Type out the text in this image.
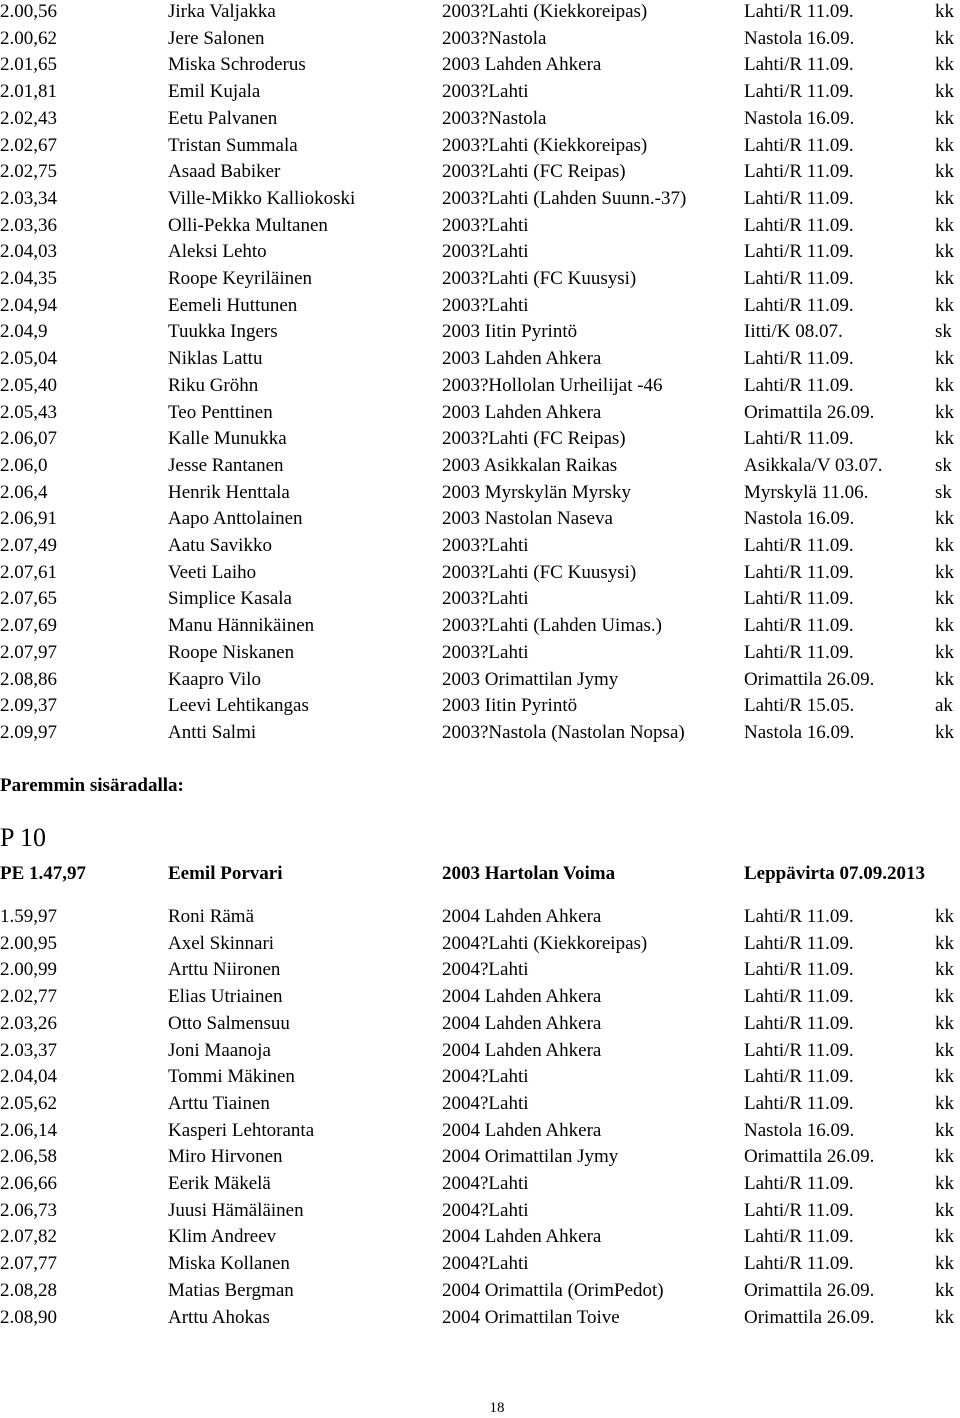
2.00,56	Jirka Valjakka	2003?Lahti (Kiekkoreipas)	Lahti/R 11.09.	kk
2.00,62	Jere Salonen	2003?Nastola	Nastola 16.09.	kk
2.01,65	Miska Schroderus	2003 Lahden Ahkera	Lahti/R 11.09.	kk
2.01,81	Emil Kujala	2003?Lahti	Lahti/R 11.09.	kk
2.02,43	Eetu Palvanen	2003?Nastola	Nastola 16.09.	kk
2.02,67	Tristan Summala	2003?Lahti (Kiekkoreipas)	Lahti/R 11.09.	kk
2.02,75	Asaad Babiker	2003?Lahti (FC Reipas)	Lahti/R 11.09.	kk
2.03,34	Ville-Mikko Kalliokoski	2003?Lahti (Lahden Suunn.-37)	Lahti/R 11.09.	kk
2.03,36	Olli-Pekka Multanen	2003?Lahti	Lahti/R 11.09.	kk
2.04,03	Aleksi Lehto	2003?Lahti	Lahti/R 11.09.	kk
2.04,35	Roope Keyriläinen	2003?Lahti (FC Kuusysi)	Lahti/R 11.09.	kk
2.04,94	Eemeli Huttunen	2003?Lahti	Lahti/R 11.09.	kk
2.04,9	Tuukka Ingers	2003 Iitin Pyrintö	Iitti/K 08.07.	sk
2.05,04	Niklas Lattu	2003 Lahden Ahkera	Lahti/R 11.09.	kk
2.05,40	Riku Gröhn	2003?Hollolan Urheilijat -46	Lahti/R 11.09.	kk
2.05,43	Teo Penttinen	2003 Lahden Ahkera	Orimattila 26.09.	kk
2.06,07	Kalle Munukka	2003?Lahti (FC Reipas)	Lahti/R 11.09.	kk
2.06,0	Jesse Rantanen	2003 Asikkalan Raikas	Asikkala/V 03.07.	sk
2.06,4	Henrik Henttala	2003 Myrskylän Myrsky	Myrskylä 11.06.	sk
2.06,91	Aapo Anttolainen	2003 Nastolan Naseva	Nastola 16.09.	kk
2.07,49	Aatu Savikko	2003?Lahti	Lahti/R 11.09.	kk
2.07,61	Veeti Laiho	2003?Lahti (FC Kuusysi)	Lahti/R 11.09.	kk
2.07,65	Simplice Kasala	2003?Lahti	Lahti/R 11.09.	kk
2.07,69	Manu Hännikäinen	2003?Lahti (Lahden Uimas.)	Lahti/R 11.09.	kk
2.07,97	Roope Niskanen	2003?Lahti	Lahti/R 11.09.	kk
2.08,86	Kaapro Vilo	2003 Orimattilan Jymy	Orimattila 26.09.	kk
2.09,37	Leevi Lehtikangas	2003 Iitin Pyrintö	Lahti/R 15.05.	ak
2.09,97	Antti Salmi	2003?Nastola (Nastolan Nopsa)	Nastola 16.09.	kk
Paremmin sisäradalla:
P 10
PE 1.47,97	Eemil Porvari	2003 Hartolan Voima	Leppävirta 07.09.2013
1.59,97	Roni Rämä	2004 Lahden Ahkera	Lahti/R 11.09.	kk
2.00,95	Axel Skinnari	2004?Lahti (Kiekkoreipas)	Lahti/R 11.09.	kk
2.00,99	Arttu Niironen	2004?Lahti	Lahti/R 11.09.	kk
2.02,77	Elias Utriainen	2004 Lahden Ahkera	Lahti/R 11.09.	kk
2.03,26	Otto Salmensuu	2004 Lahden Ahkera	Lahti/R 11.09.	kk
2.03,37	Joni Maanoja	2004 Lahden Ahkera	Lahti/R 11.09.	kk
2.04,04	Tommi Mäkinen	2004?Lahti	Lahti/R 11.09.	kk
2.05,62	Arttu Tiainen	2004?Lahti	Lahti/R 11.09.	kk
2.06,14	Kasperi Lehtoranta	2004 Lahden Ahkera	Nastola 16.09.	kk
2.06,58	Miro Hirvonen	2004 Orimattilan Jymy	Orimattila 26.09.	kk
2.06,66	Eerik Mäkelä	2004?Lahti	Lahti/R 11.09.	kk
2.06,73	Juusi Hämäläinen	2004?Lahti	Lahti/R 11.09.	kk
2.07,82	Klim Andreev	2004 Lahden Ahkera	Lahti/R 11.09.	kk
2.07,77	Miska Kollanen	2004?Lahti	Lahti/R 11.09.	kk
2.08,28	Matias Bergman	2004 Orimattila (OrimPedot)	Orimattila 26.09.	kk
2.08,90	Arttu Ahokas	2004 Orimattilan Toive	Orimattila 26.09.	kk
18
